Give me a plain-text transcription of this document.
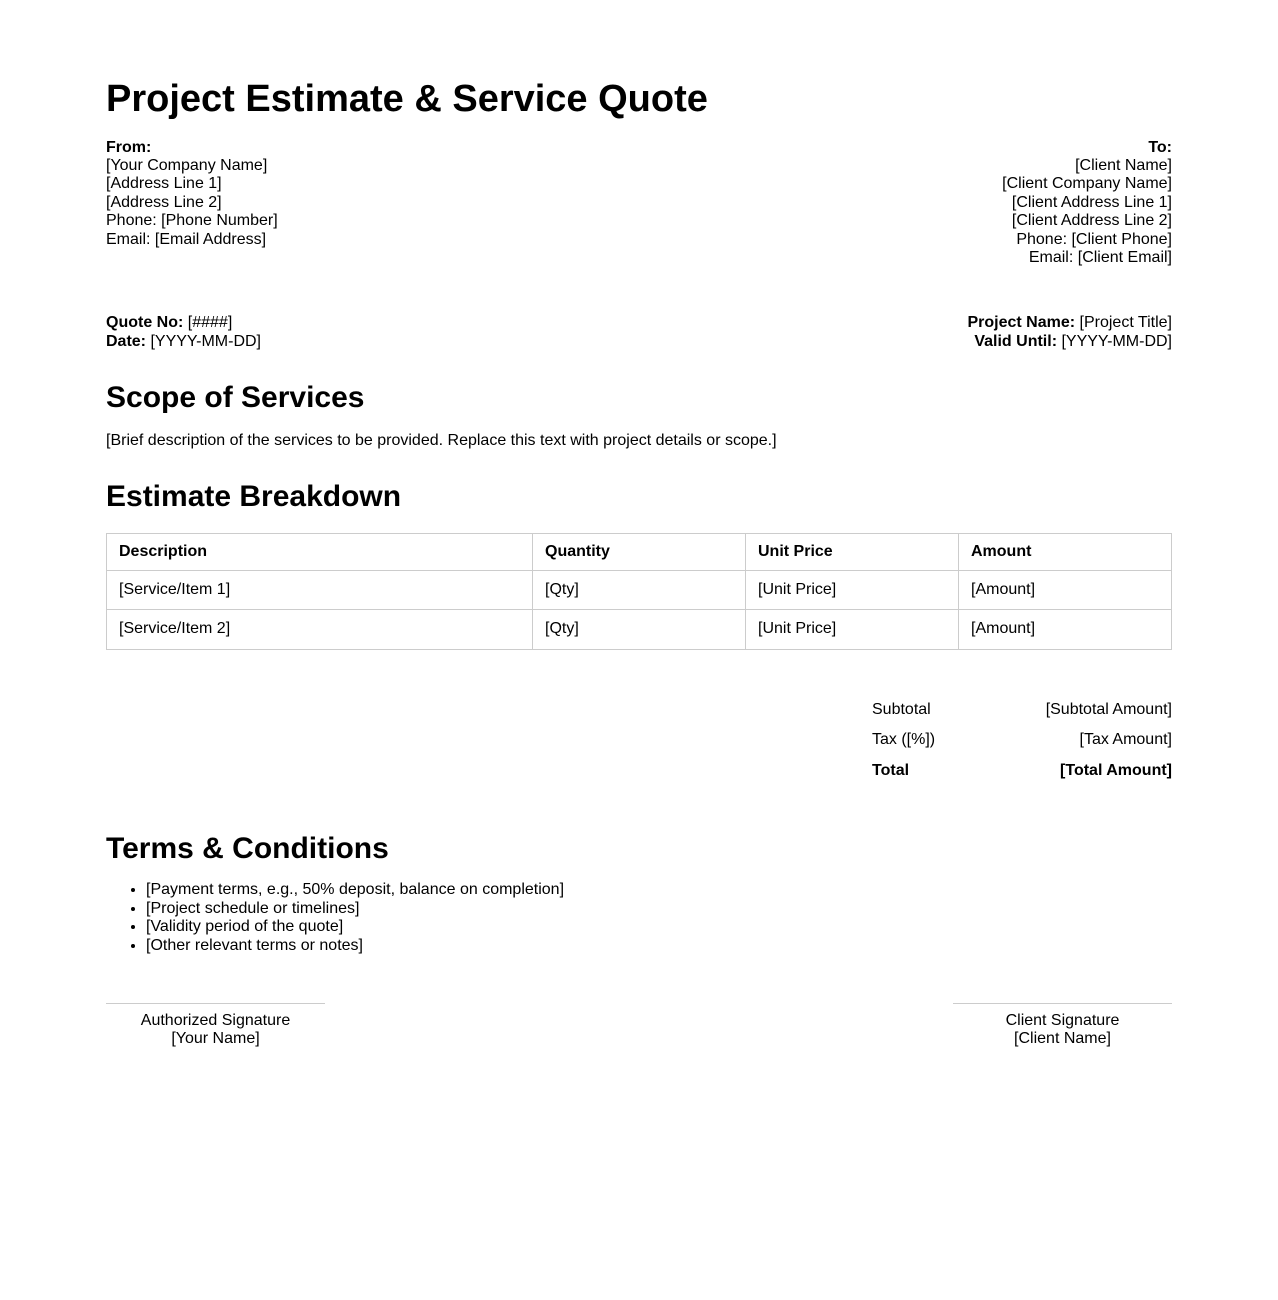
Project Estimate & Service Quote
From:
[Your Company Name]
[Address Line 1]
[Address Line 2]
Phone: [Phone Number]
Email: [Email Address]
To:
[Client Name]
[Client Company Name]
[Client Address Line 1]
[Client Address Line 2]
Phone: [Client Phone]
Email: [Client Email]
Quote No: [####]
Date: [YYYY-MM-DD]
Project Name: [Project Title]
Valid Until: [YYYY-MM-DD]
Scope of Services

[Brief description of the services to be provided. Replace this text with project details or scope.]

Estimate Breakdown
Description	Quantity	Unit Price	Amount
[Service/Item 1]	[Qty]	[Unit Price]	[Amount]
[Service/Item 2]	[Qty]	[Unit Price]	[Amount]
Subtotal	[Subtotal Amount]
Tax ([%])	[Tax Amount]
Total	[Total Amount]
Terms & Conditions
• [Payment terms, e.g., 50% deposit, balance on completion]
• [Project schedule or timelines]
• [Validity period of the quote]
• [Other relevant terms or notes]
Authorized Signature
[Your Name]
Client Signature
[Client Name]
